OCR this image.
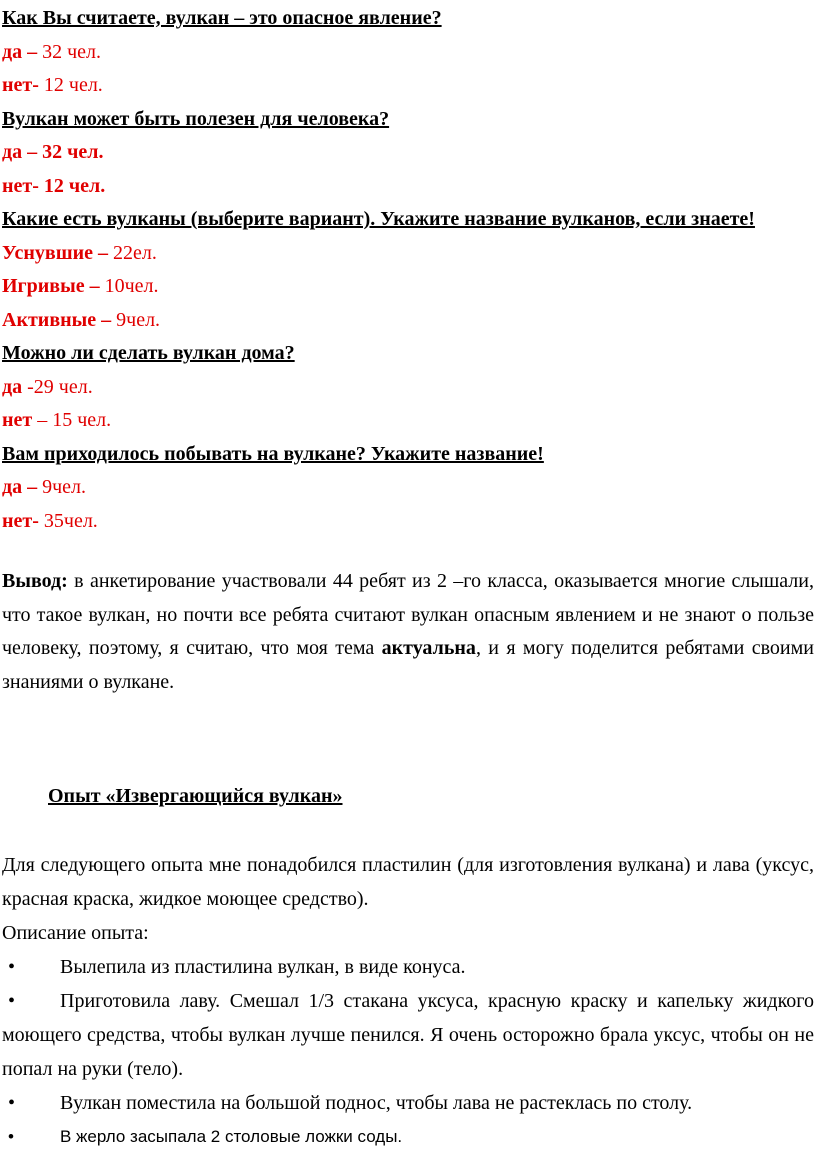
Как Вы считаете, вулкан – это опасное явление?

да – 32 чел.

нет- 12 чел.

Вулкан может быть полезен для человека?

да – 32 чел.

нет- 12 чел.

Какие есть вулканы (выберите вариант). Укажите название вулканов, если знаете!

Уснувшие – 22ел.

Игривые – 10чел.

Активные – 9чел.

Можно ли сделать вулкан дома?

да -29 чел.

нет – 15 чел.

Вам приходилось побывать на вулкане? Укажите название!

да – 9чел.

нет- 35чел.

Вывод: в анкетирование участвовали 44 ребят из 2 –го класса, оказывается многие слышали, что такое вулкан, но почти все ребята считают вулкан опасным явлением и не знают о пользе человеку, поэтому, я считаю, что моя тема актуальна, и я могу поделится ребятами своими знаниями о вулкане.

Опыт «Извергающийся вулкан»

Для следующего опыта мне понадобился пластилин (для изготовления вулкана) и лава (уксус, красная краска, жидкое моющее средство).

Описание опыта:

• Вылепила из пластилина вулкан, в виде конуса.

• Приготовила лаву. Смешал 1/3 стакана уксуса, красную краску и капельку жидкого моющего средства, чтобы вулкан лучше пенился. Я очень осторожно брала уксус, чтобы он не попал на руки (тело).

• Вулкан поместила на большой поднос, чтобы лава не растеклась по столу.

•	В жерло засыпала 2 столовые ложки соды.
